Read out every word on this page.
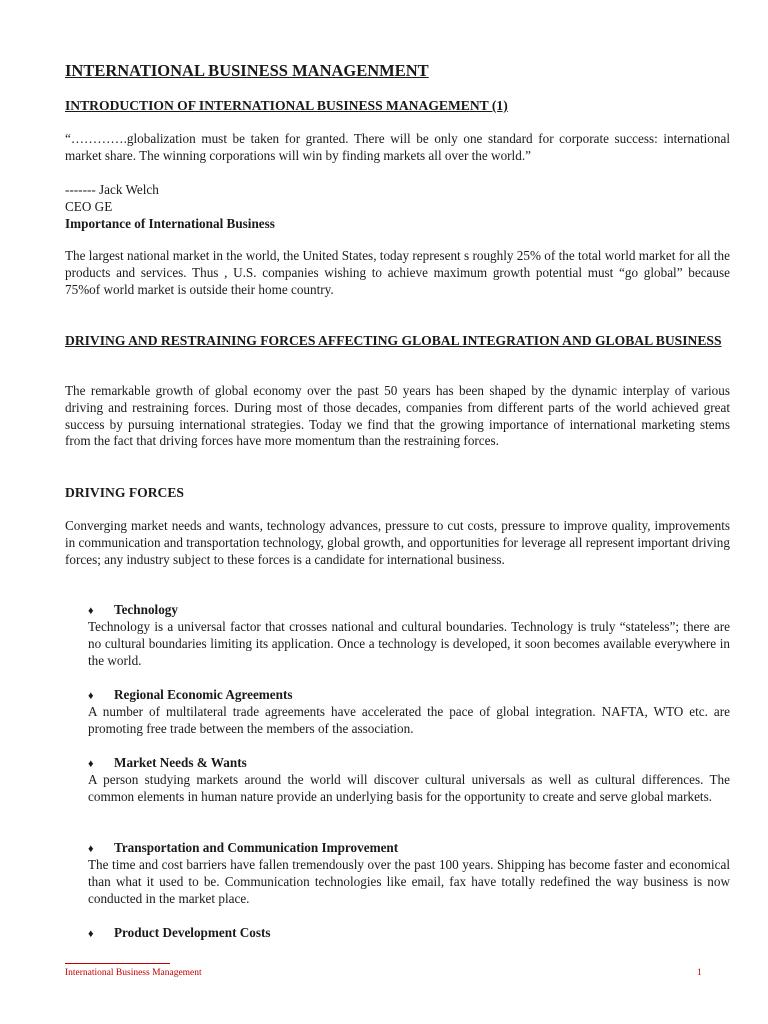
INTERNATIONAL BUSINESS MANAGENMENT
INTRODUCTION OF INTERNATIONAL BUSINESS MANAGEMENT (1)
“………….globalization must be taken for granted. There will be only one standard for corporate success: international market share. The winning corporations will win by finding markets all over the world.”
------- Jack Welch
CEO GE
Importance of International Business
The largest national market in the world, the United States, today represent s roughly 25% of the total world market for all the products and services. Thus , U.S. companies wishing to achieve maximum growth potential must “go global” because 75%of world market is outside their home country.
DRIVING AND RESTRAINING FORCES AFFECTING GLOBAL INTEGRATION AND GLOBAL BUSINESS
The remarkable growth of global economy over the past 50 years has been shaped by the dynamic interplay of various driving and restraining forces. During most of those decades, companies from different parts of the world achieved great success by pursuing international strategies. Today we find that the growing importance of international marketing stems from the fact that driving forces have more momentum than the restraining forces.
DRIVING FORCES
Converging market needs and wants, technology advances, pressure to cut costs, pressure to improve quality, improvements in communication and transportation technology, global growth, and opportunities for leverage all represent important driving forces; any industry subject to these forces is a candidate for international business.
♦ Technology
Technology is a universal factor that crosses national and cultural boundaries. Technology is truly “stateless”; there are no cultural boundaries limiting its application. Once a technology is developed, it soon becomes available everywhere in the world.
♦ Regional Economic Agreements
A number of multilateral trade agreements have accelerated the pace of global integration. NAFTA, WTO etc. are promoting free trade between the members of the association.
♦ Market Needs & Wants
A person studying markets around the world will discover cultural universals as well as cultural differences. The common elements in human nature provide an underlying basis for the opportunity to create and serve global markets.
♦ Transportation and Communication Improvement
The time and cost barriers have fallen tremendously over the past 100 years. Shipping has become faster and economical than what it used to be. Communication technologies like email, fax have totally redefined the way business is now conducted in the market place.
♦ Product Development Costs
International Business Management	1
